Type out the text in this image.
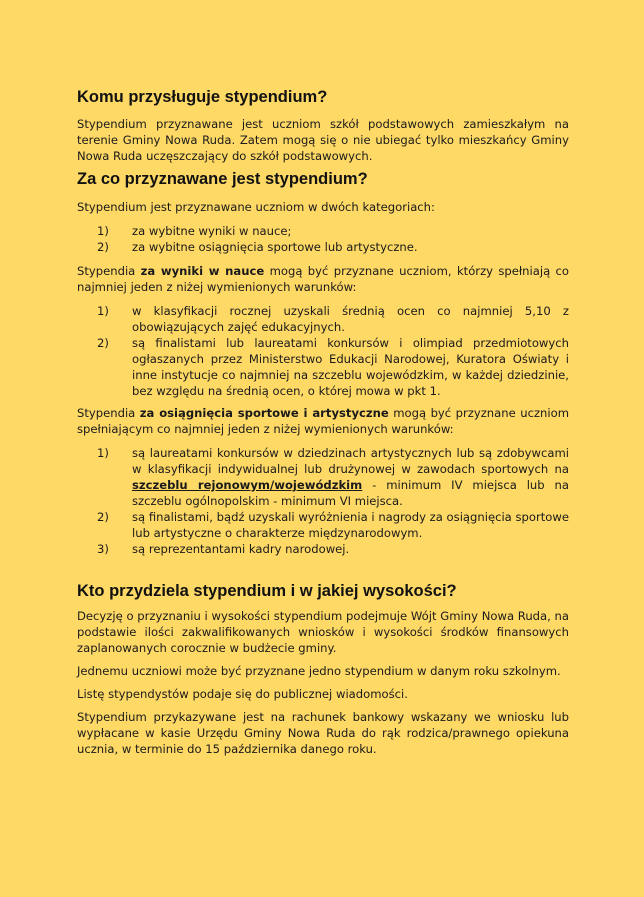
Komu przysługuje stypendium?

Stypendium przyznawane jest uczniom szkół podstawowych zamieszkałym na terenie Gminy Nowa Ruda. Zatem mogą się o nie ubiegać tylko mieszkańcy Gminy Nowa Ruda uczęszczający do szkół podstawowych.

Za co przyznawane jest stypendium?

Stypendium jest przyznawane uczniom w dwóch kategoriach:

1) za wybitne wyniki w nauce;
2) za wybitne osiągnięcia sportowe lub artystyczne.

Stypendia za wyniki w nauce mogą być przyznane uczniom, którzy spełniają co najmniej jeden z niżej wymienionych warunków:

1) w klasyfikacji rocznej uzyskali średnią ocen co najmniej 5,10 z obowiązujących zajęć edukacyjnych.
2) są finalistami lub laureatami konkursów i olimpiad przedmiotowych ogłaszanych przez Ministerstwo Edukacji Narodowej, Kuratora Oświaty i inne instytucje co najmniej na szczeblu wojewódzkim, w każdej dziedzinie, bez względu na średnią ocen, o której mowa w pkt 1.

Stypendia za osiągnięcia sportowe i artystyczne mogą być przyznane uczniom spełniającym co najmniej jeden z niżej wymienionych warunków:

1) są laureatami konkursów w dziedzinach artystycznych lub są zdobywcami w klasyfikacji indywidualnej lub drużynowej w zawodach sportowych na szczeblu rejonowym/wojewódzkim - minimum IV miejsca lub na szczeblu ogólnopolskim - minimum VI miejsca.
2) są finalistami, bądź uzyskali wyróżnienia i nagrody za osiągnięcia sportowe lub artystyczne o charakterze międzynarodowym.
3) są reprezentantami kadry narodowej.
Kto przydziela stypendium i w jakiej wysokości?

Decyzję o przyznaniu i wysokości stypendium podejmuje Wójt Gminy Nowa Ruda, na podstawie ilości zakwalifikowanych wniosków i wysokości środków finansowych zaplanowanych corocznie w budżecie gminy.

Jednemu uczniowi może być przyznane jedno stypendium w danym roku szkolnym.

Listę stypendystów podaje się do publicznej wiadomości.

Stypendium przykazywane jest na rachunek bankowy wskazany we wniosku lub wypłacane w kasie Urzędu Gminy Nowa Ruda do rąk rodzica/prawnego opiekuna ucznia, w terminie do 15 października danego roku.
